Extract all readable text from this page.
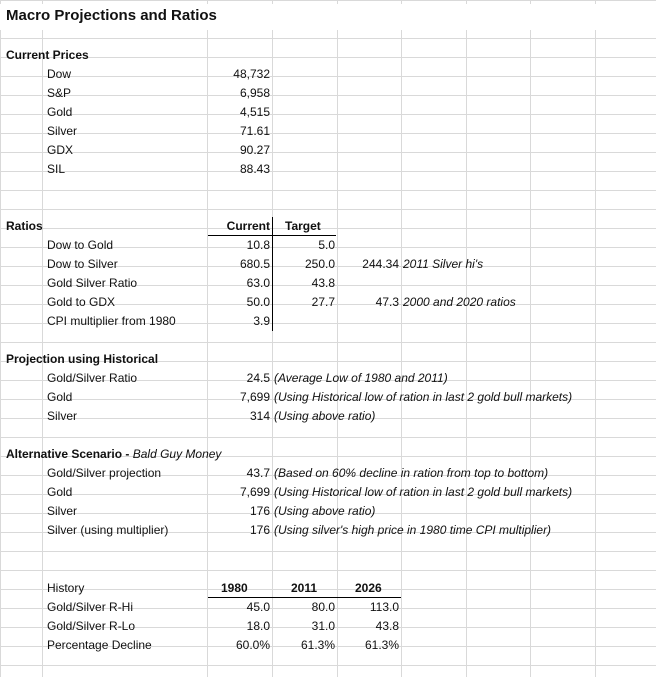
Macro Projections and Ratios
Current Prices
Dow	48,732
S&P	6,958
Gold	4,515
Silver	71.61
GDX	90.27
SIL	88.43
Ratios	Current Target
Dow to Gold	10.8	5.0
Dow to Silver	680.5	250.0	244.34 2011 Silver hi's
Gold Silver Ratio	63.0	43.8
Gold to GDX	50.0	27.7	47.3 2000 and 2020 ratios
CPI multiplier from 1980	3.9
Projection using Historical
Gold/Silver Ratio	24.5 (Average Low of 1980 and 2011)
Gold	7,699 (Using Historical low of ration in last 2 gold bull markets)
Silver	314 (Using above ratio)
Alternative Scenario - Bald Guy Money
Gold/Silver projection	43.7 (Based on 60% decline in ration from top to bottom)
Gold	7,699 (Using Historical low of ration in last 2 gold bull markets)
Silver	176 (Using above ratio)
Silver (using multiplier)	176 (Using silver's high price in 1980 time CPI multiplier)
History	1980	2011	2026
Gold/Silver R-Hi	45.0	80.0	113.0
Gold/Silver R-Lo	18.0	31.0	43.8
Percentage Decline	60.0%	61.3%	61.3%
